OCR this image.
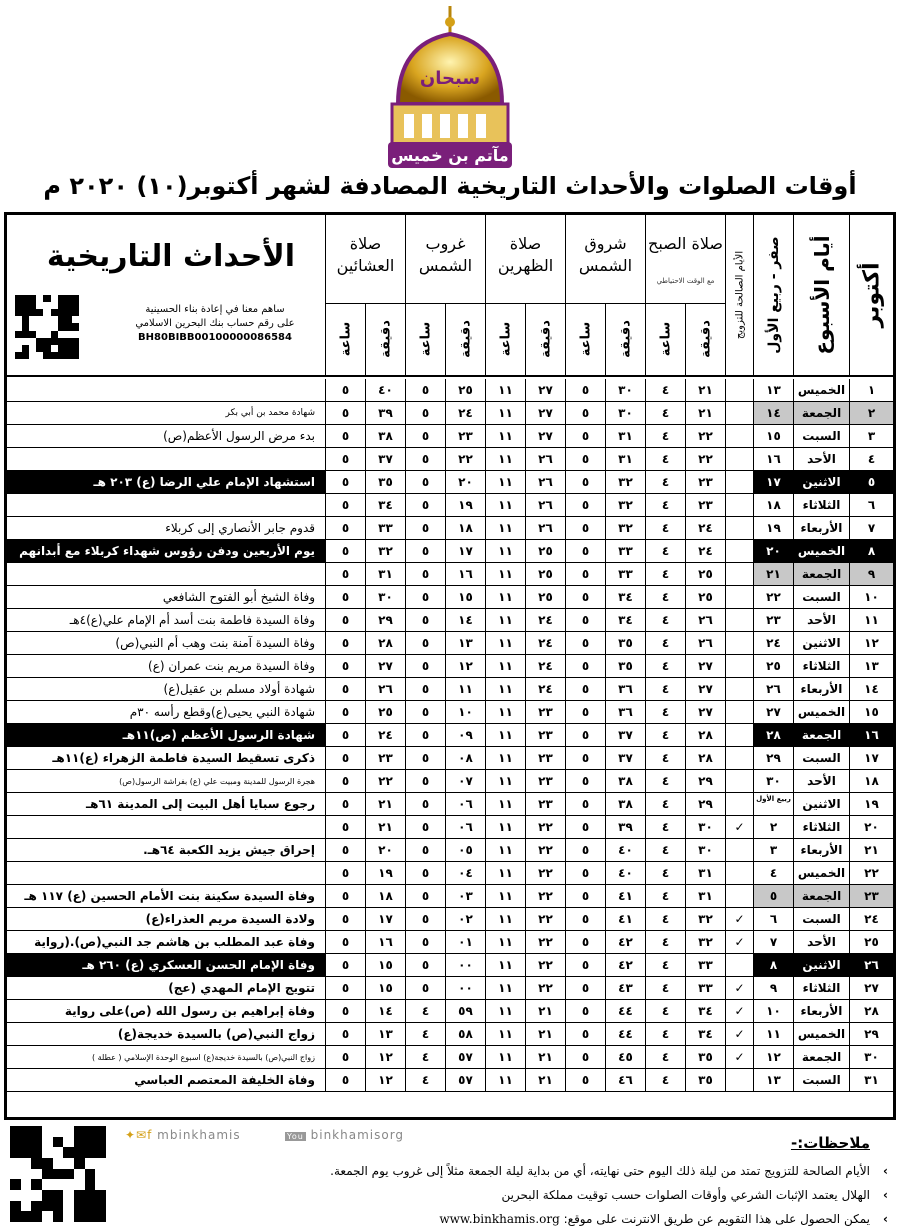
مآتم بن خميس
سبحان
أوقات الصلوات والأحداث التاريخية المصادفة لشهر أكتوبر(١٠) ٢٠٢٠ م
أكتوبر
أيام الأسبوع
صفر - ربيع الأول
الأيام الصالحة للتزويج
صلاة الصبح
مع الوقت الاحتياطي
دقيقة
ساعة
شروق الشمس
دقيقة
ساعة
صلاة الظهرين
دقيقة
ساعة
غروب الشمس
دقيقة
ساعة
صلاة العشائين
دقيقة
ساعة
الأحداث التاريخية
ساهم معنا في إعادة بناء الحسينية
على رقم حساب بنك البحرين الاسلامي
BH80BIBB00100000086584
١
الخميس
١٣
٢١
٤
٣٠
٥
٢٧
١١
٢٥
٥
٤٠
٥
٢
الجمعة
١٤
٢١
٤
٣٠
٥
٢٧
١١
٢٤
٥
٣٩
٥
شهادة محمد بن أبي بكر
٣
السبت
١٥
٢٢
٤
٣١
٥
٢٧
١١
٢٣
٥
٣٨
٥
بدء مرض الرسول الأعظم(ص)
٤
الأحد
١٦
٢٢
٤
٣١
٥
٢٦
١١
٢٢
٥
٣٧
٥
٥
الاثنين
١٧
٢٣
٤
٣٢
٥
٢٦
١١
٢٠
٥
٣٥
٥
استشهاد الإمام علي الرضا (ع) ٢٠٣ هـ
٦
الثلاثاء
١٨
٢٣
٤
٣٢
٥
٢٦
١١
١٩
٥
٣٤
٥
٧
الأربعاء
١٩
٢٤
٤
٣٢
٥
٢٦
١١
١٨
٥
٣٣
٥
قدوم جابر الأنصاري إلى كربلاء
٨
الخميس
٢٠
٢٤
٤
٣٣
٥
٢٥
١١
١٧
٥
٣٢
٥
يوم الأربعين ودفن رؤوس شهداء كربلاء مع أبدانهم
٩
الجمعة
٢١
٢٥
٤
٣٣
٥
٢٥
١١
١٦
٥
٣١
٥
١٠
السبت
٢٢
٢٥
٤
٣٤
٥
٢٥
١١
١٥
٥
٣٠
٥
وفاة الشيخ أبو الفتوح الشافعي
١١
الأحد
٢٣
٢٦
٤
٣٤
٥
٢٤
١١
١٤
٥
٢٩
٥
وفاة السيدة فاطمة بنت أسد أم الإمام علي(ع)٤هـ
١٢
الاثنين
٢٤
٢٦
٤
٣٥
٥
٢٤
١١
١٣
٥
٢٨
٥
وفاة السيدة آمنة بنت وهب أم النبي(ص)
١٣
الثلاثاء
٢٥
٢٧
٤
٣٥
٥
٢٤
١١
١٢
٥
٢٧
٥
وفاة السيدة مريم بنت عمران (ع)
١٤
الأربعاء
٢٦
٢٧
٤
٣٦
٥
٢٤
١١
١١
٥
٢٦
٥
شهادة أولاد مسلم بن عقيل(ع)
١٥
الخميس
٢٧
٢٧
٤
٣٦
٥
٢٣
١١
١٠
٥
٢٥
٥
شهادة النبي يحيى(ع)وقطع رأسه ٣٠م
١٦
الجمعة
٢٨
٢٨
٤
٣٧
٥
٢٣
١١
٠٩
٥
٢٤
٥
شهادة الرسول الأعظم (ص)١١هـ
١٧
السبت
٢٩
٢٨
٤
٣٧
٥
٢٣
١١
٠٨
٥
٢٣
٥
ذكرى تسقيط السيدة فاطمة الزهراء (ع)١١هـ
١٨
الأحد
٣٠
٢٩
٤
٣٨
٥
٢٣
١١
٠٧
٥
٢٢
٥
هجرة الرسول للمدينة ومبيت علي (ع) بفراشة الرسول(ص)
١٩
الاثنين
ربيع الأول
٢٩
٤
٣٨
٥
٢٣
١١
٠٦
٥
٢١
٥
رجوع سبايا أهل البيت إلى المدينة ٦١هـ
٢٠
الثلاثاء
٢
✓
٣٠
٤
٣٩
٥
٢٢
١١
٠٦
٥
٢١
٥
٢١
الأربعاء
٣
٣٠
٤
٤٠
٥
٢٢
١١
٠٥
٥
٢٠
٥
إحراق جيش يزيد الكعبة ٦٤هـ.
٢٢
الخميس
٤
٣١
٤
٤٠
٥
٢٢
١١
٠٤
٥
١٩
٥
٢٣
الجمعة
٥
٣١
٤
٤١
٥
٢٢
١١
٠٣
٥
١٨
٥
وفاة السيدة سكينة بنت الأمام الحسين (ع) ١١٧ هـ
٢٤
السبت
٦
✓
٣٢
٤
٤١
٥
٢٢
١١
٠٢
٥
١٧
٥
ولادة السيدة مريم العذراء(ع)
٢٥
الأحد
٧
✓
٣٢
٤
٤٢
٥
٢٢
١١
٠١
٥
١٦
٥
وفاة عبد المطلب بن هاشم جد النبي(ص).(رواية
٢٦
الاثنين
٨
٣٣
٤
٤٢
٥
٢٢
١١
٠٠
٥
١٥
٥
وفاة الإمام الحسن العسكري (ع) ٢٦٠ هـ
٢٧
الثلاثاء
٩
✓
٣٣
٤
٤٣
٥
٢٢
١١
٠٠
٥
١٥
٥
تتويج الإمام المهدي (عج)
٢٨
الأربعاء
١٠
✓
٣٤
٤
٤٤
٥
٢١
١١
٥٩
٤
١٤
٥
وفاة إبراهيم بن رسول الله (ص)على رواية
٢٩
الخميس
١١
✓
٣٤
٤
٤٤
٥
٢١
١١
٥٨
٤
١٣
٥
زواج النبي(ص) بالسيدة خديجة(ع)
٣٠
الجمعة
١٢
✓
٣٥
٤
٤٥
٥
٢١
١١
٥٧
٤
١٢
٥
زواج النبي(ص) بالسيدة خديجة(ع) اسبوع الوحدة الإسلامي ( عطلة )
٣١
السبت
١٣
٣٥
٤
٤٦
٥
٢١
١١
٥٧
٤
١٢
٥
وفاة الخليفة المعتصم العباسي
✦✉f mbinkhamis	You binkhamisorg	ملاحظات:-
› الأيام الصالحة للتزويج تمتد من ليلة ذلك اليوم حتى نهايته، أي من بداية ليلة الجمعة مثلاً إلى غروب يوم الجمعة.
› الهلال يعتمد الإثبات الشرعي وأوقات الصلوات حسب توقيت مملكة البحرين
› يمكن الحصول على هذا التقويم عن طريق الانترنت على موقع: www.binkhamis.org
